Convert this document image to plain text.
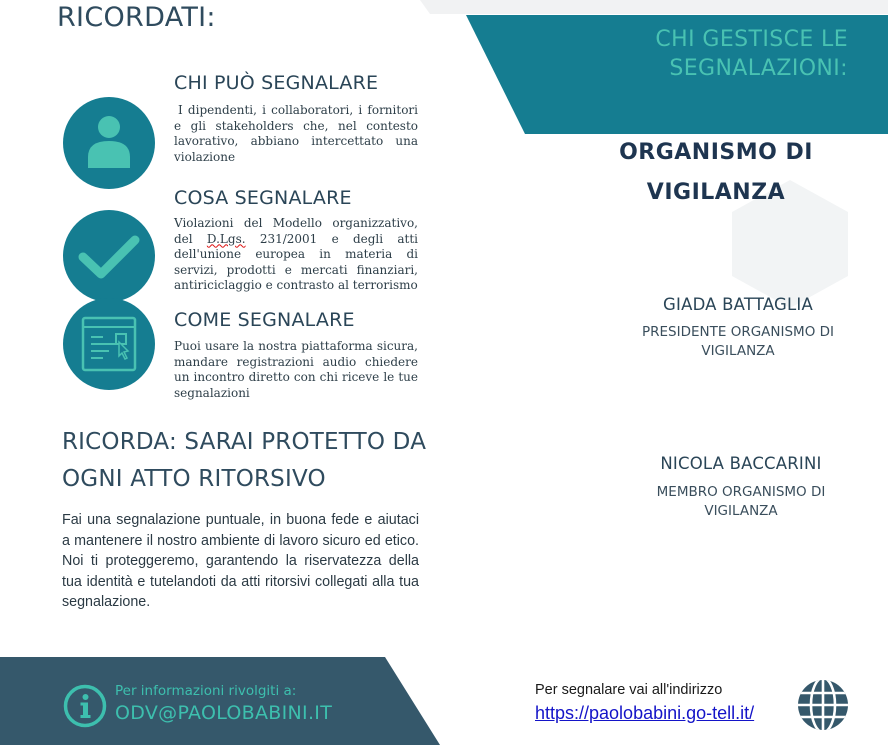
RICORDATI:
CHI PUÒ SEGNALARE
I dipendenti, i collaboratori, i fornitori e gli stakeholders che, nel contesto lavorativo, abbiano intercettato una violazione
COSA SEGNALARE
Violazioni del Modello organizzativo, del D.Lgs. 231/2001 e degli atti dell'unione europea in materia di servizi, prodotti e mercati finanziari, antiriciclaggio e contrasto al terrorismo
COME SEGNALARE
Puoi usare la nostra piattaforma sicura, mandare registrazioni audio chiedere un incontro diretto con chi riceve le tue segnalazioni
RICORDA: SARAI PROTETTO DA OGNI ATTO RITORSIVO
Fai una segnalazione puntuale, in buona fede e aiutaci a mantenere il nostro ambiente di lavoro sicuro ed etico. Noi ti proteggeremo, garantendo la riservatezza della tua identità e tutelandoti da atti ritorsivi collegati alla tua segnalazione.
CHI GESTISCE LE SEGNALAZIONI:
ORGANISMO DI VIGILANZA
GIADA BATTAGLIA
PRESIDENTE ORGANISMO DI VIGILANZA
NICOLA BACCARINI
MEMBRO ORGANISMO DI VIGILANZA
Per informazioni rivolgiti a:
ODV@PAOLOBABINI.IT
Per segnalare vai all'indirizzo
https://paolobabini.go-tell.it/
